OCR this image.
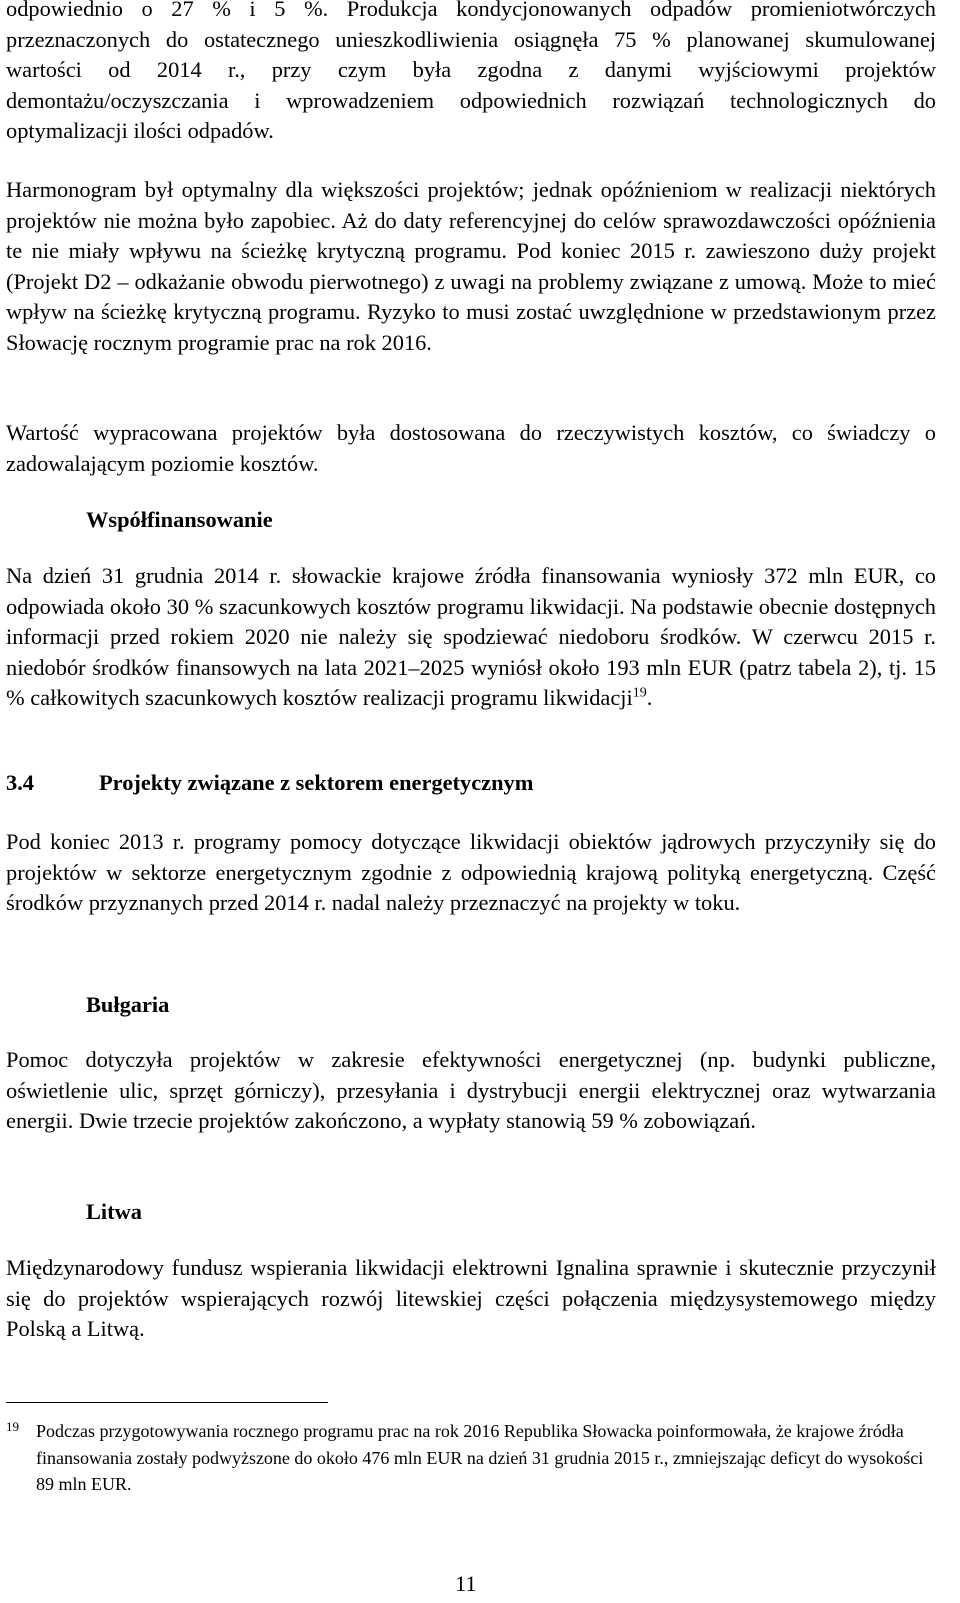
odpowiednio o 27 % i 5 %. Produkcja kondycjonowanych odpadów promieniotwórczych przeznaczonych do ostatecznego unieszkodliwienia osiągnęła 75 % planowanej skumulowanej wartości od 2014 r., przy czym była zgodna z danymi wyjściowymi projektów demontażu/oczyszczania i wprowadzeniem odpowiednich rozwiązań technologicznych do optymalizacji ilości odpadów.

Harmonogram był optymalny dla większości projektów; jednak opóźnieniom w realizacji niektórych projektów nie można było zapobiec. Aż do daty referencyjnej do celów sprawozdawczości opóźnienia te nie miały wpływu na ścieżkę krytyczną programu. Pod koniec 2015 r. zawieszono duży projekt (Projekt D2 – odkażanie obwodu pierwotnego) z uwagi na problemy związane z umową. Może to mieć wpływ na ścieżkę krytyczną programu. Ryzyko to musi zostać uwzględnione w przedstawionym przez Słowację rocznym programie prac na rok 2016.

Wartość wypracowana projektów była dostosowana do rzeczywistych kosztów, co świadczy o zadowalającym poziomie kosztów.

Współfinansowanie

Na dzień 31 grudnia 2014 r. słowackie krajowe źródła finansowania wyniosły 372 mln EUR, co odpowiada około 30 % szacunkowych kosztów programu likwidacji. Na podstawie obecnie dostępnych informacji przed rokiem 2020 nie należy się spodziewać niedoboru środków. W czerwcu 2015 r. niedobór środków finansowych na lata 2021–2025 wyniósł około 193 mln EUR (patrz tabela 2), tj. 15 % całkowitych szacunkowych kosztów realizacji programu likwidacji$^{19}$.

3.4	Projekty związane z sektorem energetycznym

Pod koniec 2013 r. programy pomocy dotyczące likwidacji obiektów jądrowych przyczyniły się do projektów w sektorze energetycznym zgodnie z odpowiednią krajową polityką energetyczną. Część środków przyznanych przed 2014 r. nadal należy przeznaczyć na projekty w toku.

Bułgaria

Pomoc dotyczyła projektów w zakresie efektywności energetycznej (np. budynki publiczne, oświetlenie ulic, sprzęt górniczy), przesyłania i dystrybucji energii elektrycznej oraz wytwarzania energii. Dwie trzecie projektów zakończono, a wypłaty stanowią 59 % zobowiązań.

Litwa

Międzynarodowy fundusz wspierania likwidacji elektrowni Ignalina sprawnie i skutecznie przyczynił się do projektów wspierających rozwój litewskiej części połączenia międzysystemowego między Polską a Litwą.

19 Podczas przygotowywania rocznego programu prac na rok 2016 Republika Słowacka poinformowała, że krajowe źródła finansowania zostały podwyższone do około 476 mln EUR na dzień 31 grudnia 2015 r., zmniejszając deficyt do wysokości 89 mln EUR.
11
